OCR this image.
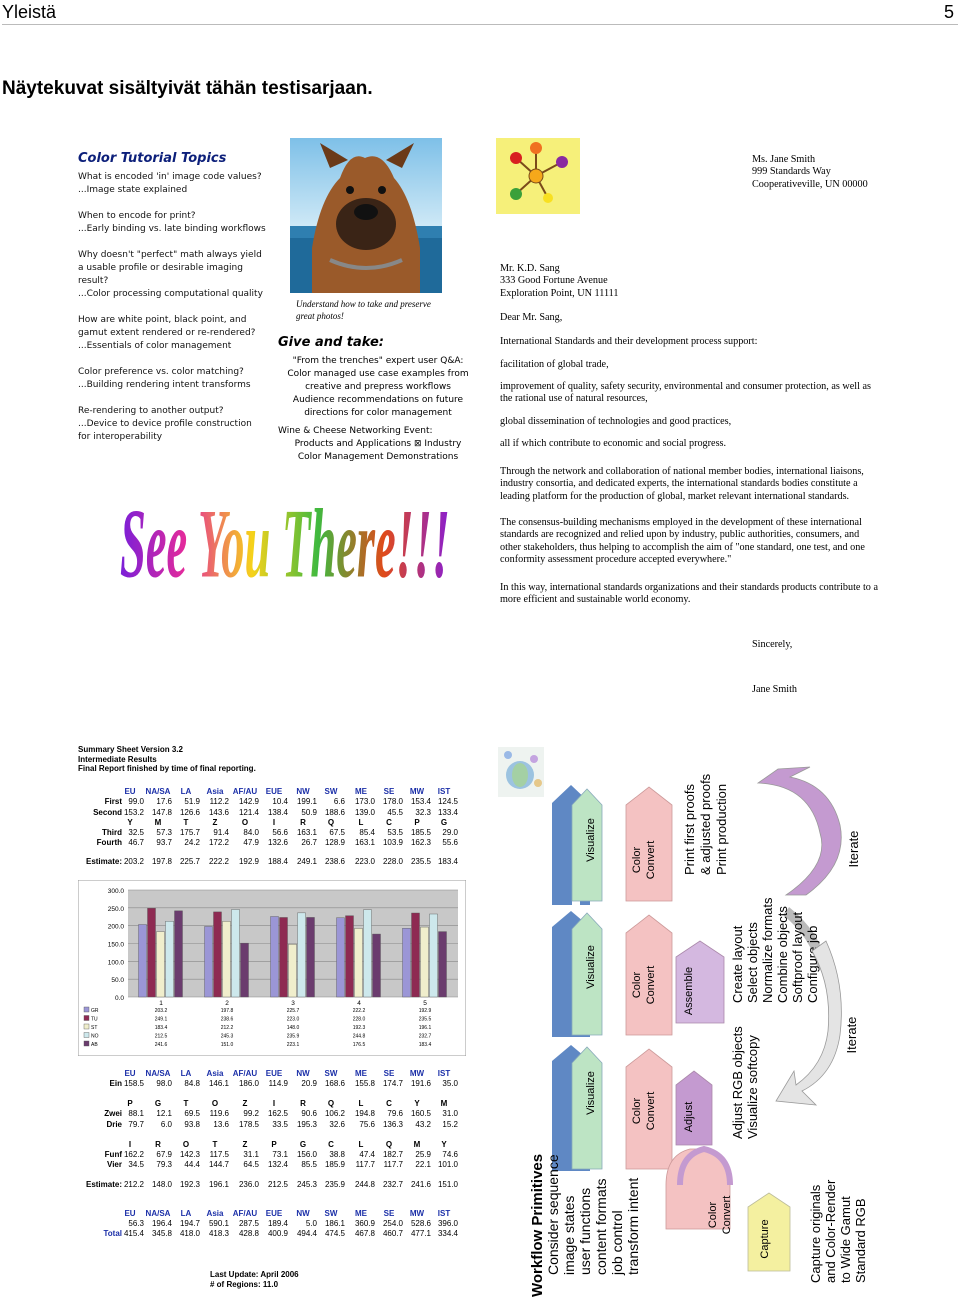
Yleistä	5
Näytekuvat sisältyivät tähän testisarjaan.
Color Tutorial Topics

What is encoded 'in' image code values?
...Image state explained

When to encode for print?
...Early binding vs. late binding workflows

Why doesn't "perfect" math always yield
a usable profile or desirable imaging
result?
...Color processing computational quality

How are white point, black point, and
gamut extent rendered or re-rendered?
...Essentials of color management

Color preference vs. color matching?
...Building rendering intent transforms

Re-rendering to another output?
...Device to device profile construction
for interoperability

Understand how to take and preserve great photos!
Give and take:
"From the trenches" expert user Q&A:
Color managed use case examples from
creative and prepress workflows
Audience recommendations on future
directions for color management
Wine & Cheese Networking Event:
Products and Applications ⊠ Industry
Color Management Demonstrations
See You There!!!
Ms. Jane Smith
999 Standards Way
Cooperativeville, UN 00000
Mr. K.D. Sang
333 Good Fortune Avenue
Exploration Point, UN 11111
Dear Mr. Sang,
International Standards and their development process support:
facilitation of global trade,
improvement of quality, safety security, environmental and consumer protection, as well as the rational use of natural resources,
global dissemination of technologies and good practices,
all if which contribute to economic and social progress.
Through the network and collaboration of national member bodies, international liaisons, industry consortia, and dedicated experts, the international standards bodies constitute a leading platform for the production of global, market relevant international standards.
The consensus-building mechanisms employed in the development of these international standards are recognized and relied upon by industry, public authorities, consumers, and other stakeholders, thus helping to accomplish the aim of "one standard, one test, and one conformity assessment procedure accepted everywhere."
In this way, international standards organizations and their standards products contribute to a more efficient and sustainable world economy.
Sincerely,
Jane Smith
Summary Sheet Version 3.2
Intermediate Results
Final Report finished by time of final reporting.
EU	NA/SA	LA	Asia	AF/AU	EUE	NW	SW	ME	SE	MW	IST
First 99.0	17.6	51.9	112.2	142.9	10.4	199.1	6.6	173.0 178.0 153.4 124.5
Second 153.2 147.8 126.6	143.6	121.4	138.4	50.9 188.6	139.0	45.5	32.3 133.4
Y	M	T	Z	O	I	R	Q	L	C	P	G
Third 32.5	57.3 175.7	91.4	84.0	56.6	163.1	67.5	85.4	53.5 185.5	29.0
Fourth 46.7	93.7	24.2	172.2	47.9	132.6	26.7 128.9	163.1 103.9 162.3	55.6
Estimate: 203.2 197.8 225.7	222.2	192.9	188.4	249.1 238.6	223.0 228.0 235.5 183.4
EU	NA/SA	LA	Asia	AF/AU	EUE	NW	SW	ME	SE	MW	IST
Ein 158.5	98.0	84.8	146.1	186.0	114.9	20.9 168.6	155.8 174.7 191.6	35.0
P	G	T	O	Z	I	R	Q	L	C	Y	M
Zwei 88.1	12.1	69.5	119.6	99.2	162.5	90.6 106.2	194.8	79.6 160.5	31.0
Drie 79.7	6.0	93.8	13.6	178.5	33.5	195.3	32.6	75.6 136.3	43.2	15.2
I	R	O	T	Z	P	G	C	L	Q	M	Y
Funf 162.2	67.9 142.3	117.5	31.1	73.1	156.0	38.8	47.4 182.7	25.9	74.6
Vier 34.5	79.3	44.4	144.7	64.5	132.4	85.5 185.9	117.7	117.7	22.1 101.0
Estimate: 212.2 148.0 192.3	196.1	236.0	212.5	245.3 235.9	244.8 232.7 241.6 151.0
EU	NA/SA	LA	Asia	AF/AU	EUE	NW	SW	ME	SE	MW	IST
56.3 196.4 194.7	590.1	287.5	189.4	5.0 186.1	360.9 254.0 528.6 396.0
Total 415.4 345.8 418.0	418.3	428.8	400.9	494.4 474.5	467.8 460.7 477.1 334.4
300.0
250.0
200.0
150.0
100.0
50.0
0.0
1	2	3	4	5
GR	203.2	197.8	225.7	222.2	192.9
TU	249.1	238.6	223.0	228.0	235.5
ST	183.4	212.2	148.0	192.3	196.1
NO	212.5	245.3	235.9	244.8	232.7
AB	241.6	151.0	223.1	176.5	183.4
Last Update: April 2006
# of Regions: 11.0
Visualize	Color Convert Print first proofs & adjusted proofs Print production	Iterate
Visualize	Color Convert Assemble	Create layout Select objects Normalize formats Combine objects Softproof layout Configure job
Iterate
Visualize	Color Convert Adjust	Adjust RGB objects Visualize softcopy
Color Convert
Capture	Capture originals and Color-Render to Wide Gamut Standard RGB
Workflow Primitives Consider sequence image states user functions content formats job control transform intent
